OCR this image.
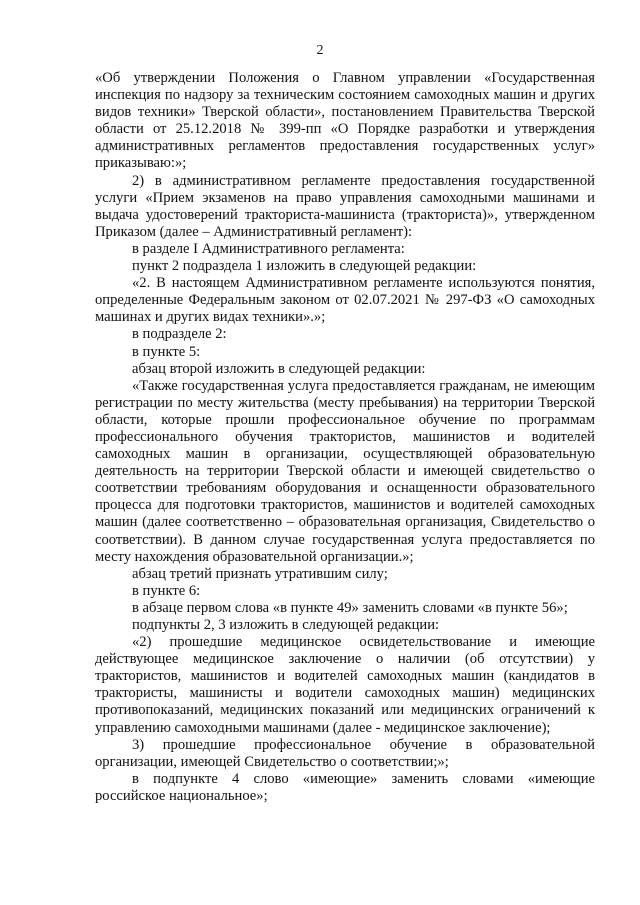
2

«Об утверждении Положения о Главном управлении «Государственная инспекция по надзору за техническим состоянием самоходных машин и других видов техники» Тверской области», постановлением Правительства Тверской области от 25.12.2018 № 399-пп «О Порядке разработки и утверждения административных регламентов предоставления государственных услуг» приказываю:»;

2) в административном регламенте предоставления государственной услуги «Прием экзаменов на право управления самоходными машинами и выдача удостоверений тракториста-машиниста (тракториста)», утвержденном Приказом (далее – Административный регламент):

в разделе I Административного регламента:

пункт 2 подраздела 1 изложить в следующей редакции:

«2. В настоящем Административном регламенте используются понятия, определенные Федеральным законом от 02.07.2021 № 297-ФЗ «О самоходных машинах и других видах техники».»;

в подразделе 2:

в пункте 5:

абзац второй изложить в следующей редакции:

«Также государственная услуга предоставляется гражданам, не имеющим регистрации по месту жительства (месту пребывания) на территории Тверской области, которые прошли профессиональное обучение по программам профессионального обучения трактористов, машинистов и водителей самоходных машин в организации, осуществляющей образовательную деятельность на территории Тверской области и имеющей свидетельство о соответствии требованиям оборудования и оснащенности образовательного процесса для подготовки трактористов, машинистов и водителей самоходных машин (далее соответственно – образовательная организация, Свидетельство о соответствии). В данном случае государственная услуга предоставляется по месту нахождения образовательной организации.»;

абзац третий признать утратившим силу;

в пункте 6:

в абзаце первом слова «в пункте 49» заменить словами «в пункте 56»;

подпункты 2, 3 изложить в следующей редакции:

«2) прошедшие медицинское освидетельствование и имеющие действующее медицинское заключение о наличии (об отсутствии) у трактористов, машинистов и водителей самоходных машин (кандидатов в трактористы, машинисты и водители самоходных машин) медицинских противопоказаний, медицинских показаний или медицинских ограничений к управлению самоходными машинами (далее - медицинское заключение);

3) прошедшие профессиональное обучение в образовательной организации, имеющей Свидетельство о соответствии;»;

в подпункте 4 слово «имеющие» заменить словами «имеющие российское национальное»;
